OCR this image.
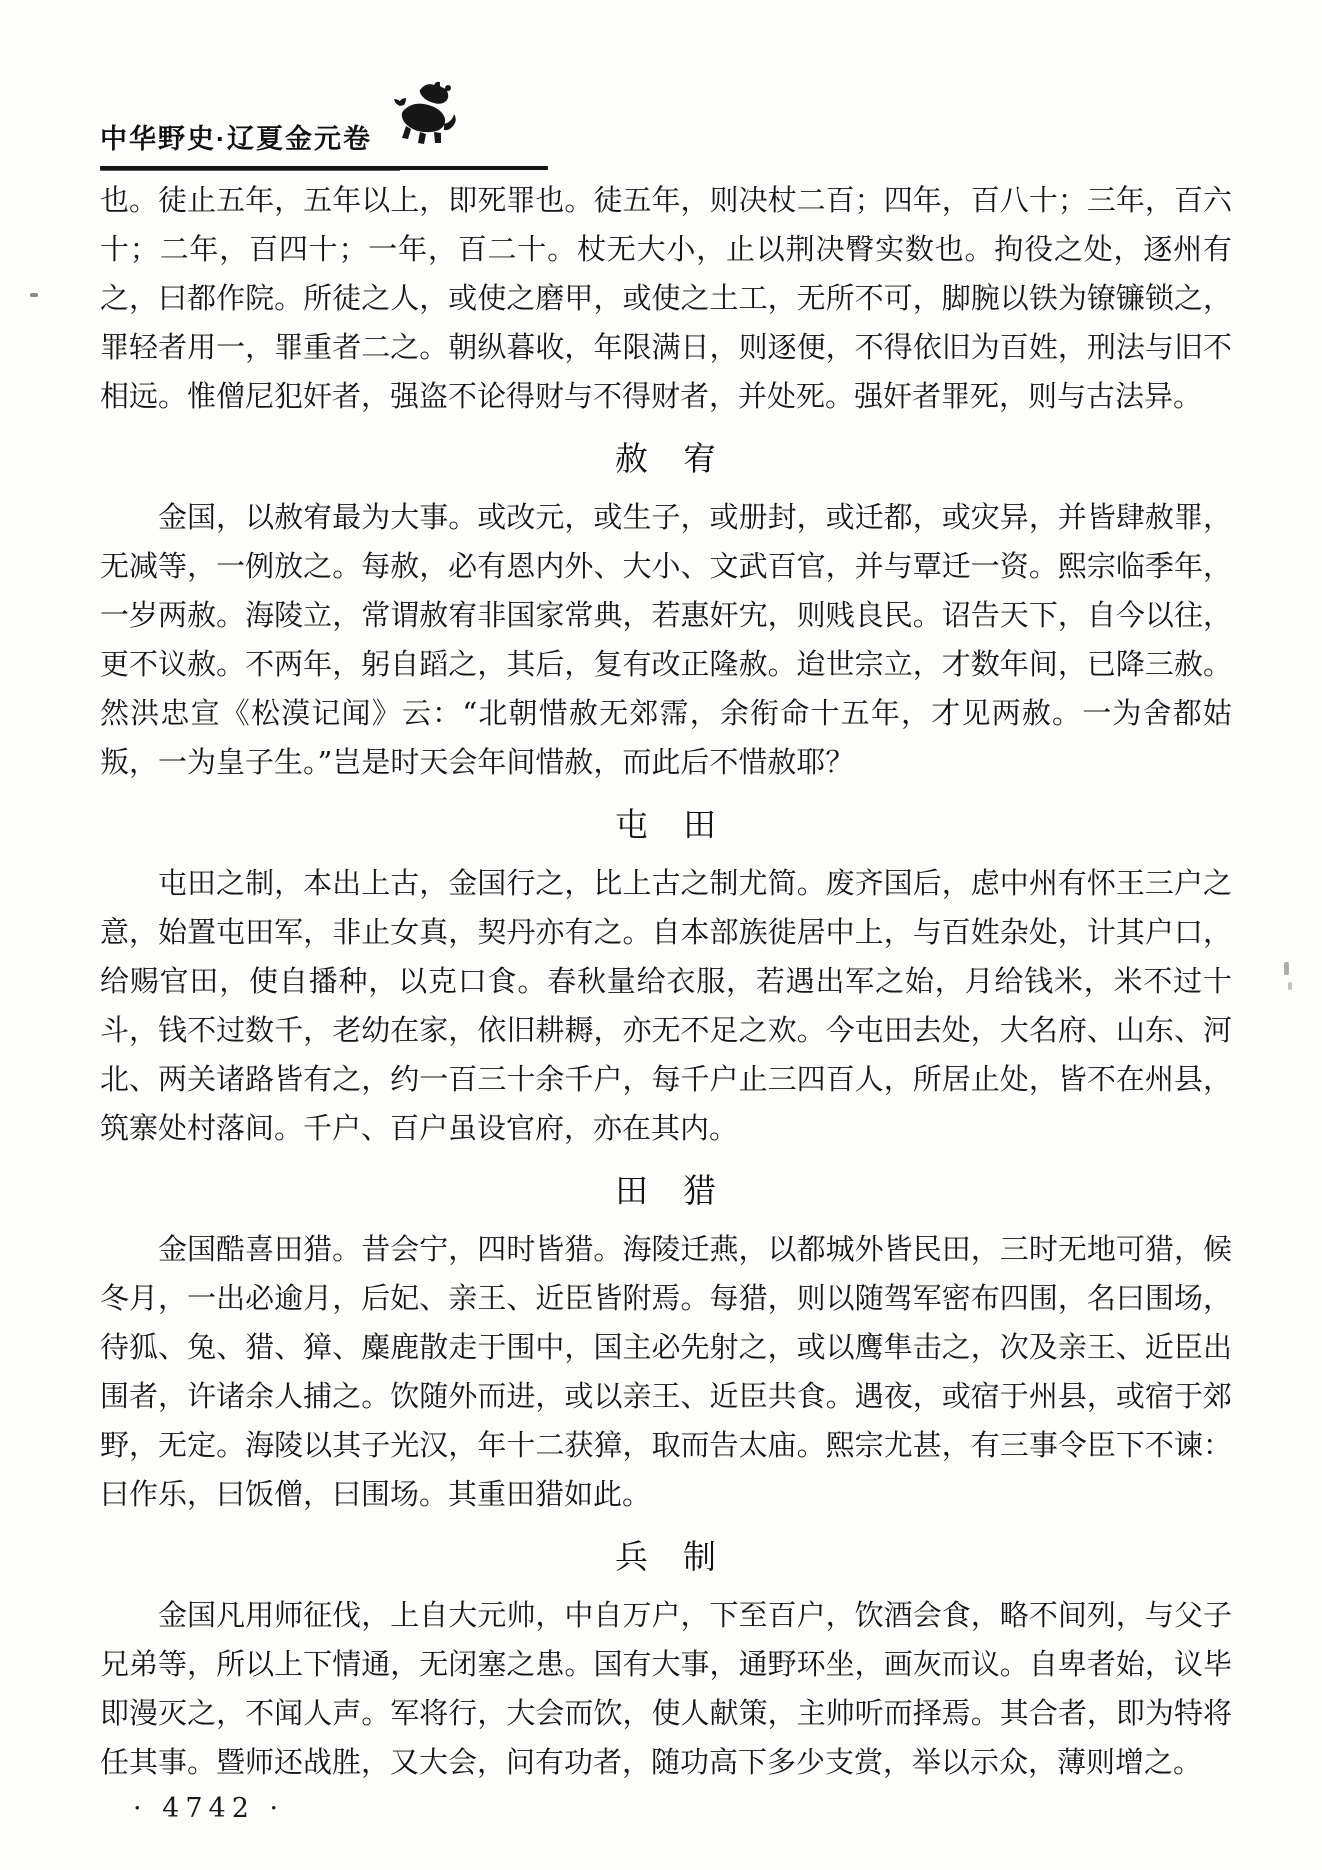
中华野史·辽夏金元卷

也。徒止五年，五年以上，即死罪也。徒五年，则决杖二百；四年，百八十；三年，百六十；二年，百四十；一年，百二十。杖无大小，止以荆决臀实数也。拘役之处，逐州有之，曰都作院。所徒之人，或使之磨甲，或使之土工，无所不可，脚腕以铁为镣镰锁之，罪轻者用一，罪重者二之。朝纵暮收，年限满日，则逐便，不得依旧为百姓，刑法与旧不相远。惟僧尼犯奸者，强盗不论得财与不得财者，并处死。强奸者罪死，则与古法异。

赦　宥

金国，以赦宥最为大事。或改元，或生子，或册封，或迁都，或灾异，并皆肆赦罪，无减等，一例放之。每赦，必有恩内外、大小、文武百官，并与覃迁一资。熙宗临季年，一岁两赦。海陵立，常谓赦宥非国家常典，若惠奸宄，则贱良民。诏告天下，自今以往，更不议赦。不两年，躬自蹈之，其后，复有改正隆赦。迨世宗立，才数年间，已降三赦。然洪忠宣《松漠记闻》云：“北朝惜赦无郊霈，余衔命十五年，才见两赦。一为舍都姑叛，一为皇子生。”岂是时天会年间惜赦，而此后不惜赦耶？

屯　田

屯田之制，本出上古，金国行之，比上古之制尤简。废齐国后，虑中州有怀王三户之意，始置屯田军，非止女真，契丹亦有之。自本部族徙居中上，与百姓杂处，计其户口，给赐官田，使自播种，以克口食。春秋量给衣服，若遇出军之始，月给钱米，米不过十斗，钱不过数千，老幼在家，依旧耕耨，亦无不足之欢。今屯田去处，大名府、山东、河北、两关诸路皆有之，约一百三十余千户，每千户止三四百人，所居止处，皆不在州县，筑寨处村落间。千户、百户虽设官府，亦在其内。

田　猎

金国酷喜田猎。昔会宁，四时皆猎。海陵迁燕，以都城外皆民田，三时无地可猎，候冬月，一出必逾月，后妃、亲王、近臣皆附焉。每猎，则以随驾军密布四围，名曰围场，待狐、兔、猎、獐、麋鹿散走于围中，国主必先射之，或以鹰隼击之，次及亲王、近臣出围者，许诸余人捕之。饮随外而进，或以亲王、近臣共食。遇夜，或宿于州县，或宿于郊野，无定。海陵以其子光汉，年十二获獐，取而告太庙。熙宗尤甚，有三事令臣下不谏：曰作乐，曰饭僧，曰围场。其重田猎如此。

兵　制

金国凡用师征伐，上自大元帅，中自万户，下至百户，饮酒会食，略不间列，与父子兄弟等，所以上下情通，无闭塞之患。国有大事，通野环坐，画灰而议。自卑者始，议毕即漫灭之，不闻人声。军将行，大会而饮，使人献策，主帅听而择焉。其合者，即为特将任其事。暨师还战胜，又大会，问有功者，随功高下多少支赏，举以示众，薄则增之。

· 4742 ·
